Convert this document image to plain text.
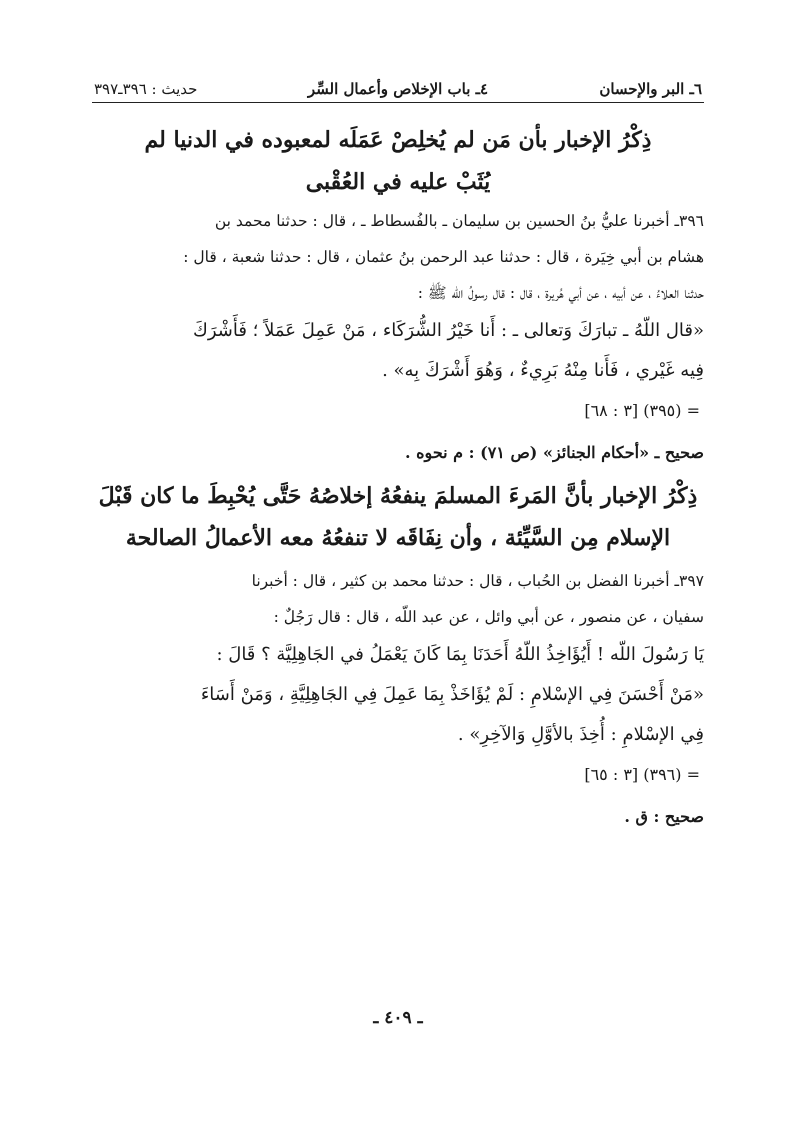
٦ـ البر والإحسان
٤ـ باب الإخلاص وأعمال السِّر
حديث : ٣٩٦ـ٣٩٧

ذِكْرُ الإخبار بأن مَن لم يُخلِصْ عَمَلَه لمعبوده في الدنيا لم
يُثَبْ عليه في العُقْبى

٣٩٦ـ أخبرنا عليُّ بنُ الحسين بن سليمان ـ بالفُسطاط ـ ، قال : حدثنا محمد بن
هشام بن أبي خِيَرة ، قال : حدثنا عبد الرحمن بنُ عثمان ، قال : حدثنا شعبة ، قال :
حدثنا العلاءُ ، عن أبيه ، عن أبي هُريرة ، قال : قال رسولُ اللّه ﷺ :

«قال اللّهُ ـ تبارَكَ وَتعالى ـ : أَنا خَيْرُ الشُّرَكَاء ، مَنْ عَمِلَ عَمَلاً ؛ فَأَشْرَكَ
فِيه غَيْري ، فَأَنا مِنْهُ بَرِيءٌ ، وَهُوَ أَشْرَكَ بِه» .

= (٣٩٥) [٣ : ٦٨]

صحيح ـ «أحكام الجنائز» (ص ٧١) : م نحوه .

ذِكْرُ الإخبار بأنَّ المَرءَ المسلمَ ينفعُهُ إخلاصُهُ حَتَّى يُحْبِطَ ما كان قَبْلَ
الإسلام مِن السَّيِّئة ، وأن نِفَاقَه لا تنفعُهُ معه الأعمالُ الصالحة

٣٩٧ـ أخبرنا الفضل بن الحُباب ، قال : حدثنا محمد بن كثير ، قال : أخبرنا
سفيان ، عن منصور ، عن أبي وائل ، عن عبد اللّه ، قال : قال رَجُلٌ :

يَا رَسُولَ اللّه ! أَيُؤَاخِذُ اللّهُ أَحَدَنَا بِمَا كَانَ يَعْمَلُ في الجَاهِلِيَّة ؟ قَالَ :
«مَنْ أَحْسَنَ فِي الإسْلامِ : لَمْ يُؤَاخَذْ بِمَا عَمِلَ فِي الجَاهِلِيَّةِ ، وَمَنْ أَسَاءَ
فِي الإسْلامِ : أُخِذَ بالأوَّلِ وَالآخِرِ» .

= (٣٩٦) [٣ : ٦٥]

صحيح : ق .

ـ ٤٠٩ ـ
